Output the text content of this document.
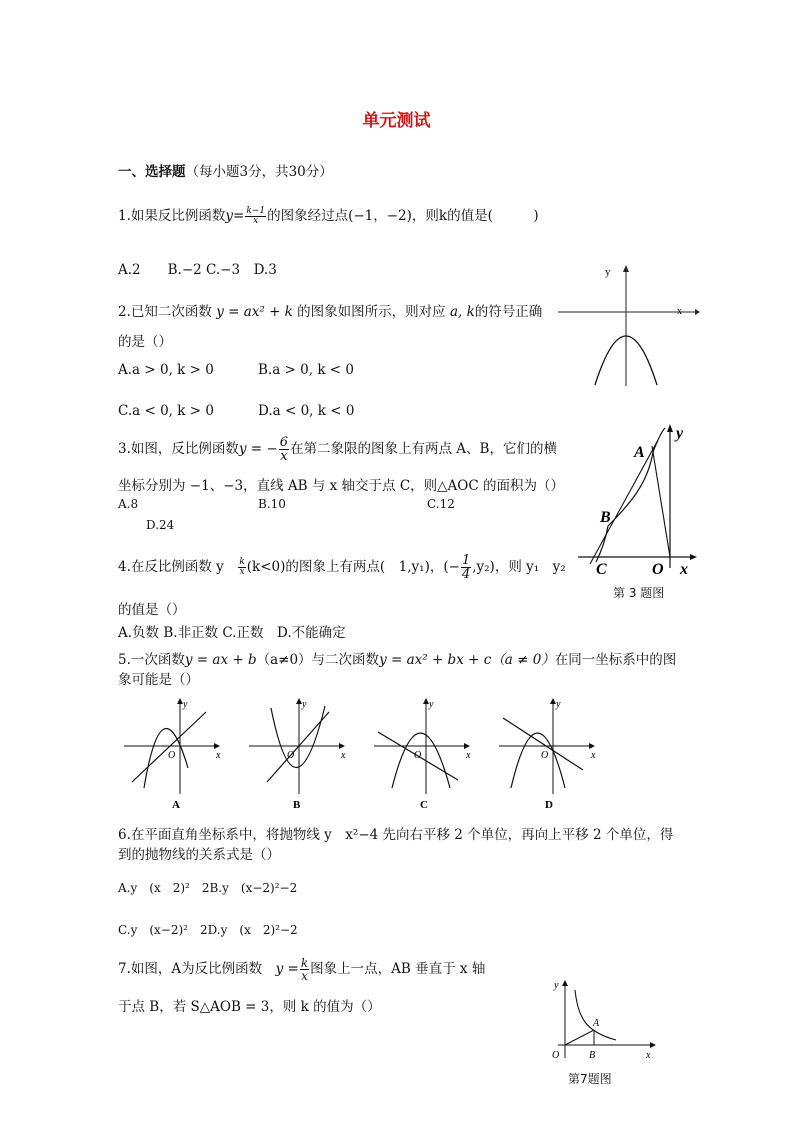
单元测试
一、选择题（每小题3分，共30分）
1.如果反比例函数$y= \frac{k-1}{x}$ 的图象经过点(−1，−2)，则k的值是(　　　)
A.2　　B.−2 C.−3　D.3
2.已知二次函数 y = ax² + k 的图象如图所示，则对应 a, k的符号正确
的是（）
A.a > 0, k > 0	B.a > 0, k < 0
C.a < 0, k > 0	D.a < 0, k < 0
y
x
3.如图，反比例函数y = − $\frac{6}{x}$ 在第二象限的图象上有两点 A、B，它们的横
坐标分别为 −1、−3，直线 AB 与 x 轴交于点 C，则△AOC 的面积为（）
A.8	B.10	C.12
D.24
A
B
C	O x
y
第 3 题图
4.在反比例函数 y　 $\frac{k}{x} (k<0)$的图象上有两点(　1,y₁)，(− $\frac{1}{4} ,y_2$)，则 y₁　y₂
的值是（）
A.负数 B.非正数 C.正数　D.不能确定
5.一次函数y = ax + b（a≠0）与二次函数y = ax² + bx + c（a ≠ 0）在同一坐标系中的图
象可能是（）
y
x
O
A
y
x
O
B
y
x
O
C
y
x
O
D
6.在平面直角坐标系中，将抛物线 y　x²−4 先向右平移 2 个单位，再向上平移 2 个单位，得
到的抛物线的关系式是（）
A.y　(x　2)²　2B.y　(x−2)²−2
C.y　(x−2)²　2D.y　(x　2)²−2
7.如图，A为反比例函数　 $y = \frac{k}{x}$ 图象上一点，AB 垂直于 x 轴
于点 B，若 S△AOB = 3，则 k 的值为（）
y
A
B
O	x
第7题图
